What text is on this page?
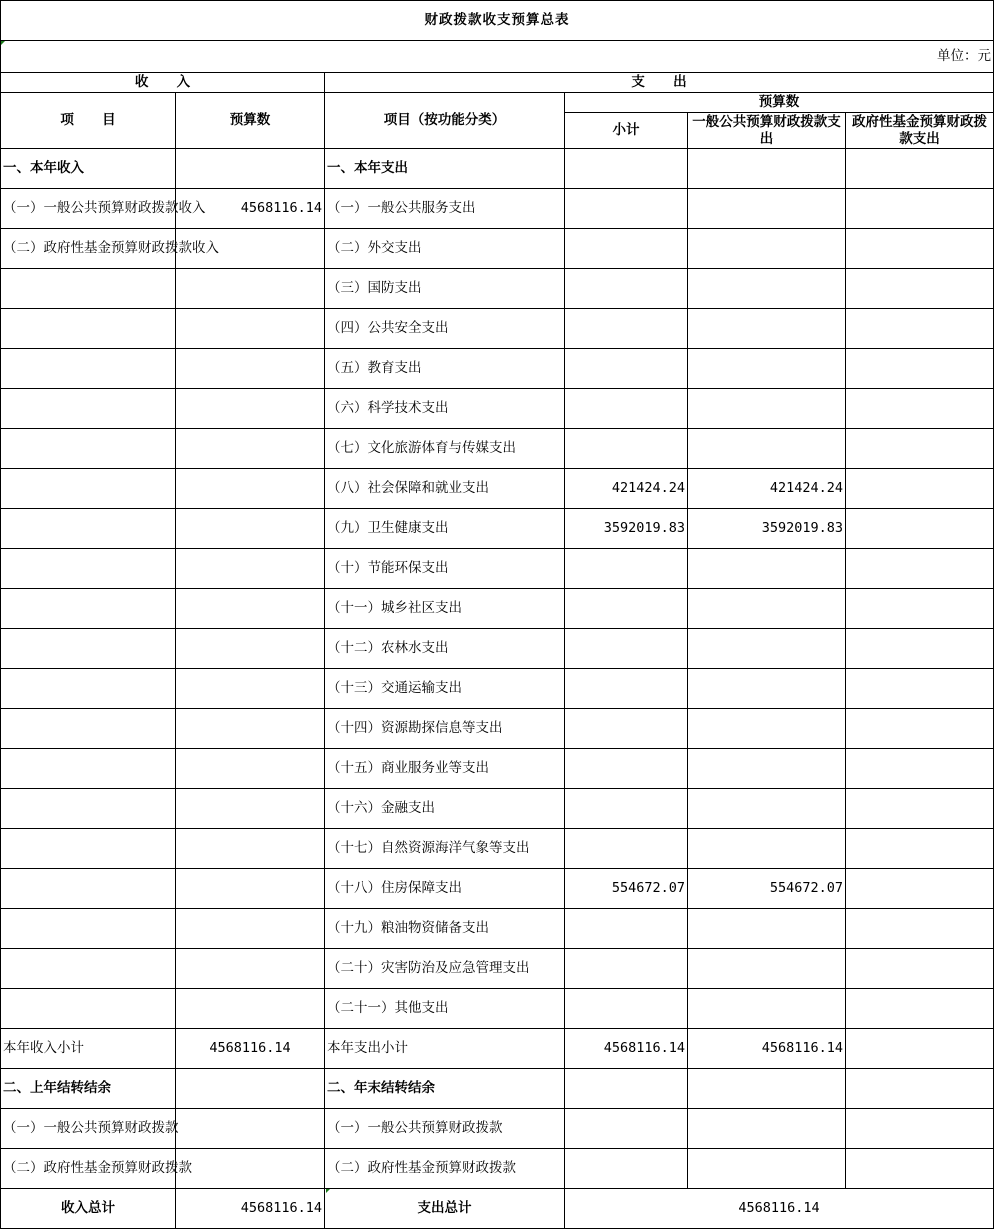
财政拨款收支预算总表					
单位：元					
收      入		支      出			
项      目	预算数	项目（按功能分类）	预算数		
			小计	一般公共预算财政拨款支出	政府性基金预算财政拨款支出
一、本年收入		一、本年支出			
（一）一般公共预算财政拨款收入	4568116.14	（一）一般公共服务支出			
（二）政府性基金预算财政拨款收入		（二）外交支出			
		（三）国防支出			
		（四）公共安全支出			
		（五）教育支出			
		（六）科学技术支出			
		（七）文化旅游体育与传媒支出			
		（八）社会保障和就业支出	421424.24	421424.24	
		（九）卫生健康支出	3592019.83	3592019.83	
		（十）节能环保支出			
		（十一）城乡社区支出			
		（十二）农林水支出			
		（十三）交通运输支出			
		（十四）资源勘探信息等支出			
		（十五）商业服务业等支出			
		（十六）金融支出			
		（十七）自然资源海洋气象等支出			
		（十八）住房保障支出	554672.07	554672.07	
		（十九）粮油物资储备支出			
		（二十）灾害防治及应急管理支出			
		（二十一）其他支出			
本年收入小计	4568116.14	本年支出小计	4568116.14	4568116.14	
二、上年结转结余		二、年末结转结余			
（一）一般公共预算财政拨款		（一）一般公共预算财政拨款			
（二）政府性基金预算财政拨款		（二）政府性基金预算财政拨款			
收入总计	4568116.14	支出总计	4568116.14		
